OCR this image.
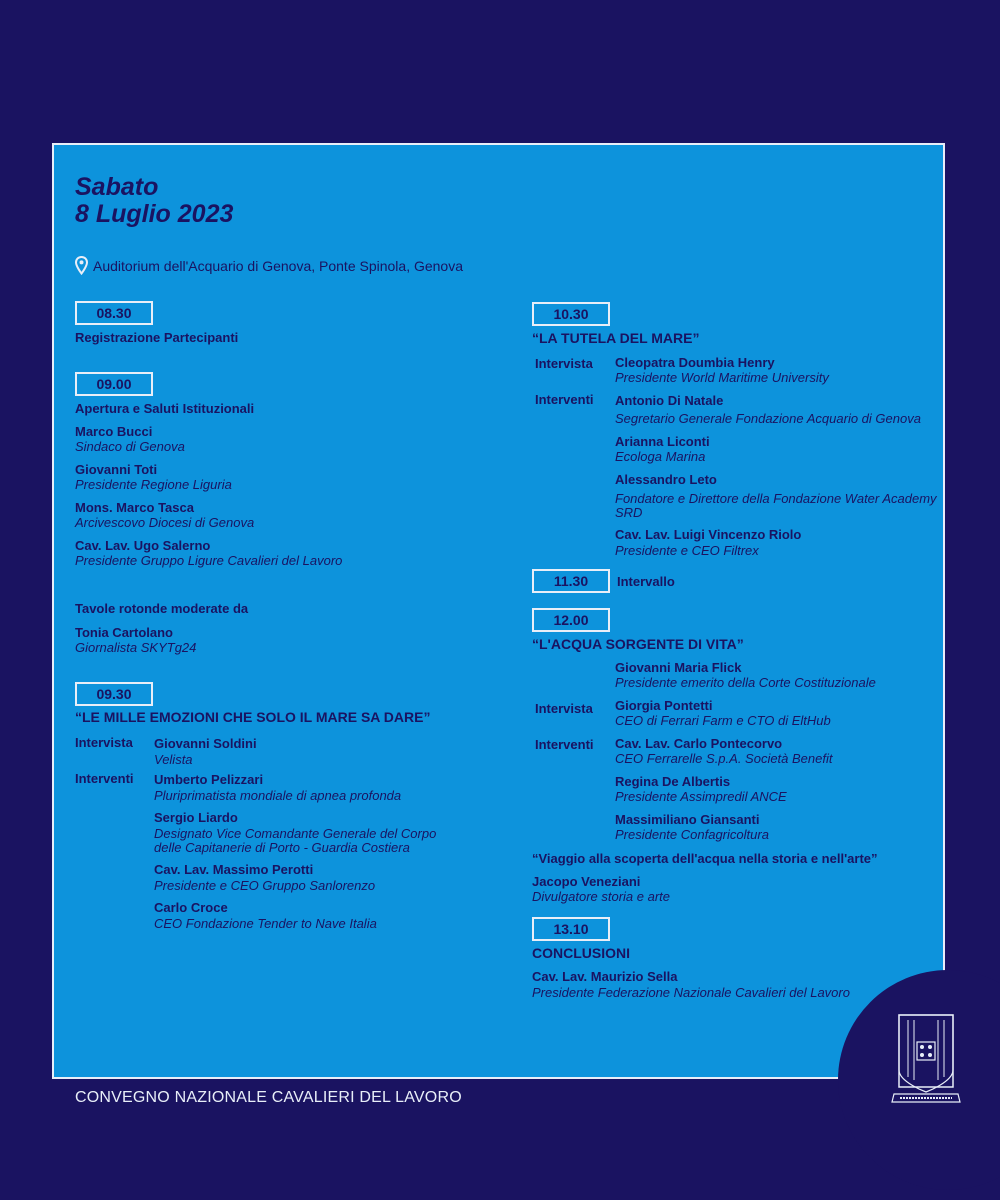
Sabato
8 Luglio 2023
Auditorium dell'Acquario di Genova, Ponte Spinola, Genova
08.30
Registrazione Partecipanti
09.00
Apertura e Saluti Istituzionali
Marco Bucci
Sindaco di Genova
Giovanni Toti
Presidente Regione Liguria
Mons. Marco Tasca
Arcivescovo Diocesi di Genova
Cav. Lav. Ugo Salerno
Presidente Gruppo Ligure Cavalieri del Lavoro
Tavole rotonde moderate da
Tonia Cartolano
Giornalista SKYTg24
09.30
“LE MILLE EMOZIONI CHE SOLO IL MARE SA DARE”
Intervista Giovanni Soldini
Velista
Interventi Umberto Pelizzari
Pluriprimatista mondiale di apnea profonda
Sergio Liardo
Designato Vice Comandante Generale del Corpo
delle Capitanerie di Porto - Guardia Costiera
Cav. Lav. Massimo Perotti
Presidente e CEO Gruppo Sanlorenzo
Carlo Croce
CEO Fondazione Tender to Nave Italia
10.30
“LA TUTELA DEL MARE”
Intervista Cleopatra Doumbia Henry
Presidente World Maritime University
Interventi Antonio Di Natale
Segretario Generale Fondazione Acquario di Genova
Arianna Liconti
Ecologa Marina
Alessandro Leto
Fondatore e Direttore della Fondazione Water Academy
SRD
Cav. Lav. Luigi Vincenzo Riolo
Presidente e CEO Filtrex
11.30	Intervallo
12.00
“L'ACQUA SORGENTE DI VITA”
Giovanni Maria Flick
Presidente emerito della Corte Costituzionale
Intervista Giorgia Pontetti
CEO di Ferrari Farm e CTO di EltHub
Interventi Cav. Lav. Carlo Pontecorvo
CEO Ferrarelle S.p.A. Società Benefit
Regina De Albertis
Presidente Assimpredil ANCE
Massimiliano Giansanti
Presidente Confagricoltura
“Viaggio alla scoperta dell'acqua nella storia e nell'arte”
Jacopo Veneziani
Divulgatore storia e arte
13.10
CONCLUSIONI
Cav. Lav. Maurizio Sella
Presidente Federazione Nazionale Cavalieri del Lavoro
CONVEGNO NAZIONALE CAVALIERI DEL LAVORO
